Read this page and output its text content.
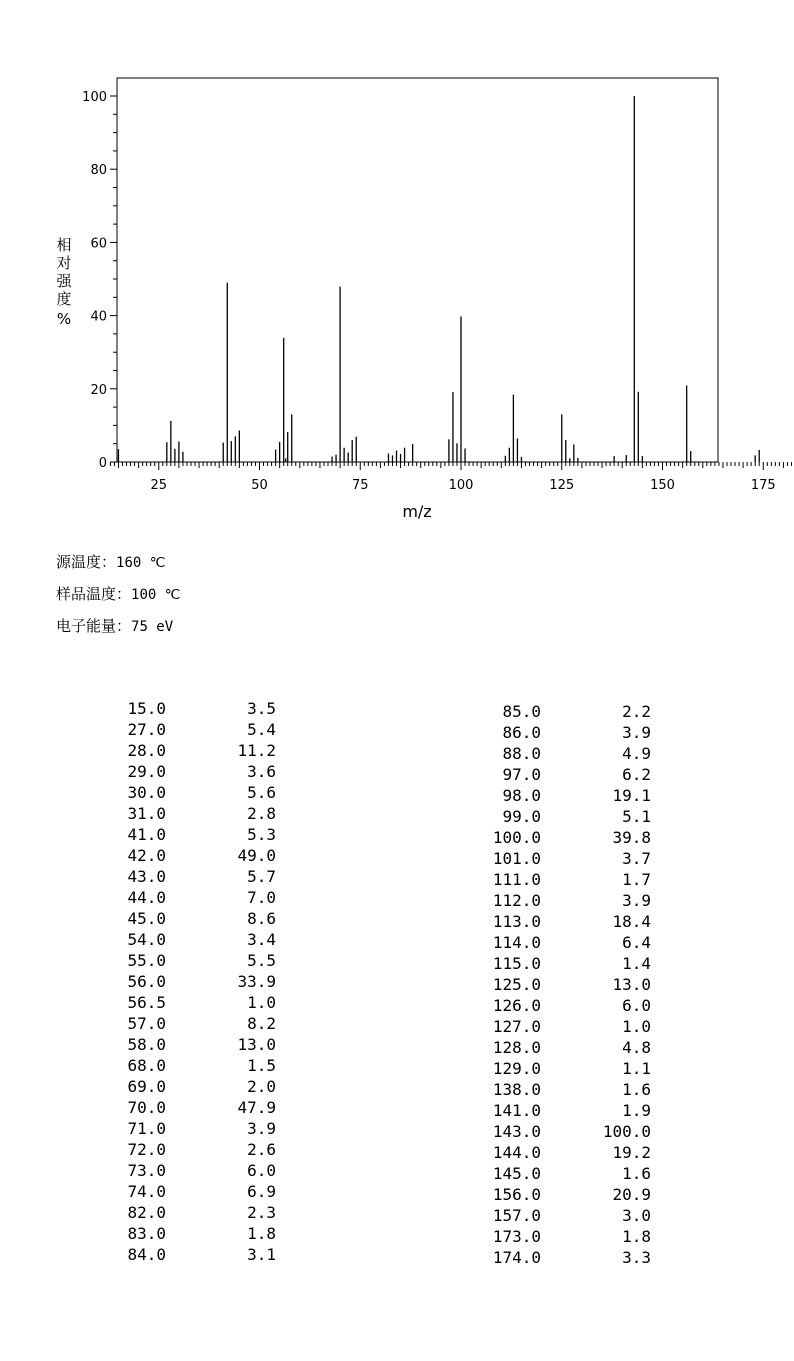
25	50	75	100	125	150	175
0
20
40
60
80
100
m/z
相对强度%
源温度：160 ℃
样品温度：100 ℃
电子能量：75 eV
15.0	3.5
27.0	5.4
28.0	11.2
29.0	3.6
30.0	5.6
31.0	2.8
41.0	5.3
42.0	49.0
43.0	5.7
44.0	7.0
45.0	8.6
54.0	3.4
55.0	5.5
56.0	33.9
56.5	1.0
57.0	8.2
58.0	13.0
68.0	1.5
69.0	2.0
70.0	47.9
71.0	3.9
72.0	2.6
73.0	6.0
74.0	6.9
82.0	2.3
83.0	1.8
84.0	3.1
85.0	2.2
86.0	3.9
88.0	4.9
97.0	6.2
98.0	19.1
99.0	5.1
100.0	39.8
101.0	3.7
111.0	1.7
112.0	3.9
113.0	18.4
114.0	6.4
115.0	1.4
125.0	13.0
126.0	6.0
127.0	1.0
128.0	4.8
129.0	1.1
138.0	1.6
141.0	1.9
143.0	100.0
144.0	19.2
145.0	1.6
156.0	20.9
157.0	3.0
173.0	1.8
174.0	3.3
